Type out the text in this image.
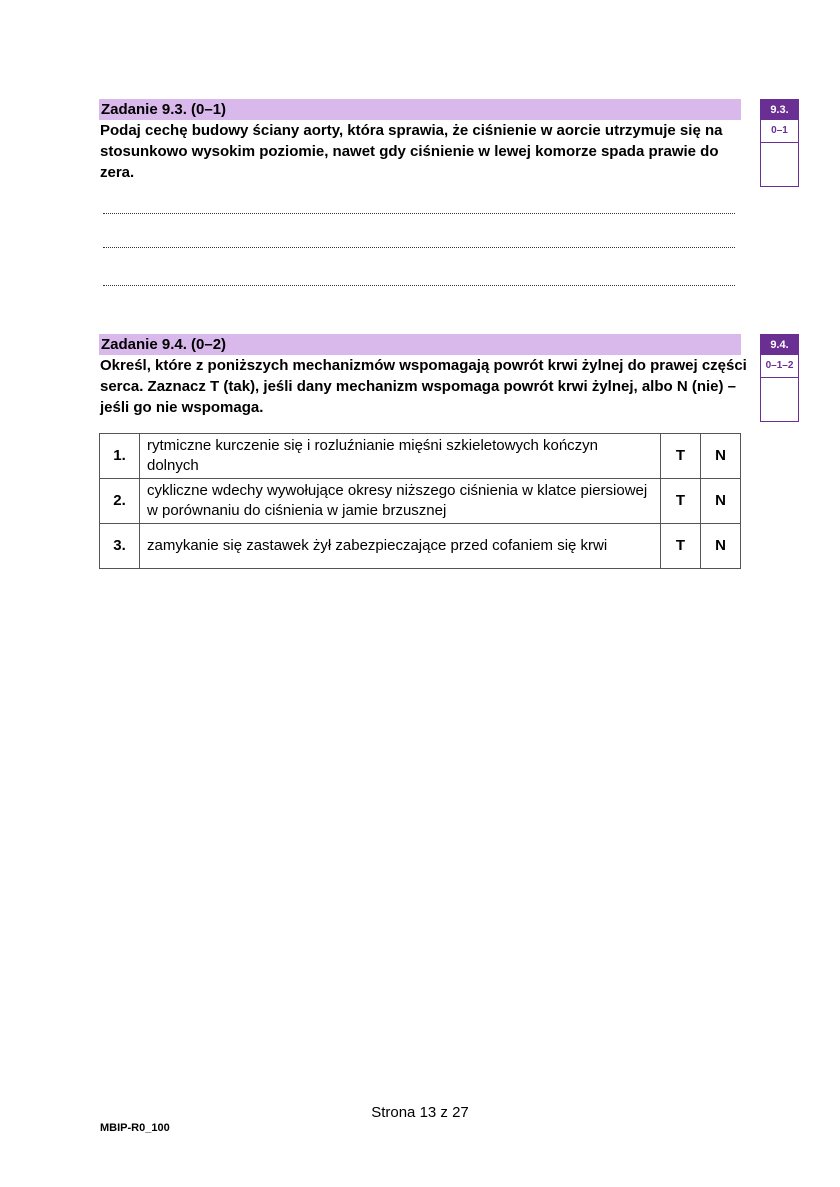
Zadanie 9.3. (0–1)
Podaj cechę budowy ściany aorty, która sprawia, że ciśnienie w aorcie utrzymuje się na stosunkowo wysokim poziomie, nawet gdy ciśnienie w lewej komorze spada prawie do zera.
9.3.
0–1
Zadanie 9.4. (0–2)
Określ, które z poniższych mechanizmów wspomagają powrót krwi żylnej do prawej części serca. Zaznacz T (tak), jeśli dany mechanizm wspomaga powrót krwi żylnej, albo N (nie) – jeśli go nie wspomaga.
9.4.
0–1–2
1.	rytmiczne kurczenie się i rozluźnianie mięśni szkieletowych kończyn dolnych	T	N
2.	cykliczne wdechy wywołujące okresy niższego ciśnienia w klatce piersiowej w porównaniu do ciśnienia w jamie brzusznej	T	N
3.	zamykanie się zastawek żył zabezpieczające przed cofaniem się krwi	T	N
Strona 13 z 27
MBIP-R0_100
